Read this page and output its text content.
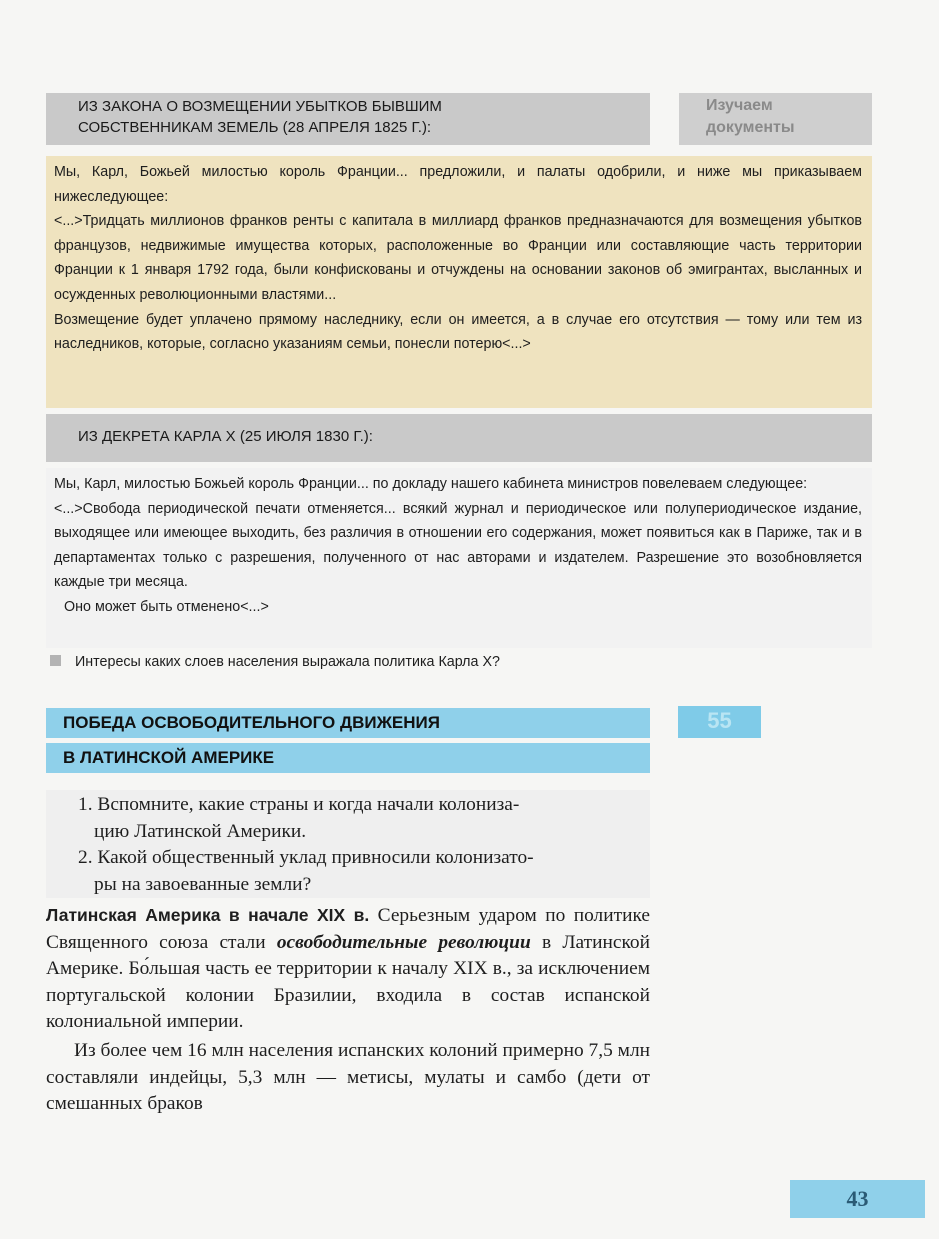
ИЗ ЗАКОНА О ВОЗМЕЩЕНИИ УБЫТКОВ БЫВШИМ
СОБСТВЕННИКАМ ЗЕМЕЛЬ (28 АПРЕЛЯ 1825 Г.):
Изучаем
документы

Мы, Карл, Божьей милостью король Франции... предложили, и палаты одобрили, и ниже мы приказываем нижеследующее:

<...>Тридцать миллионов франков ренты с капитала в миллиард франков предназначаются для возмещения убытков французов, недвижимые имущества которых, расположенные во Франции или составляющие часть территории Франции к 1 января 1792 года, были конфискованы и отчуждены на основании законов об эмигрантах, высланных и осужденных революционными властями...

Возмещение будет уплачено прямому наследнику, если он имеется, а в случае его отсутствия — тому или тем из наследников, которые, согласно указаниям семьи, понесли потерю<...>

ИЗ ДЕКРЕТА КАРЛА X (25 ИЮЛЯ 1830 Г.):

Мы, Карл, милостью Божьей король Франции... по докладу нашего кабинета министров повелеваем следующее:

<...>Свобода периодической печати отменяется... всякий журнал и периодическое или полупериодическое издание, выходящее или имеющее выходить, без различия в отношении его содержания, может появиться как в Париже, так и в департаментах только с разрешения, полученного от нас авторами и издателем. Разрешение это возобновляется каждые три месяца.

Оно может быть отменено<...>

Интересы каких слоев населения выражала политика Карла X?
ПОБЕДА ОСВОБОДИТЕЛЬНОГО ДВИЖЕНИЯ
В ЛАТИНСКОЙ АМЕРИКЕ
55

1. Вспомните, какие страны и когда начали колониза-

цию Латинской Америки.

2. Какой общественный уклад привносили колонизато-

ры на завоеванные земли?

Латинская Америка в начале XIX в. Серьезным ударом по политике Священного союза стали освободительные революции в Латинской Америке. Бо́льшая часть ее территории к началу XIX в., за исключением португальской колонии Бразилии, входила в состав испанской колониальной империи.

Из более чем 16 млн населения испанских колоний примерно 7,5 млн составляли индейцы, 5,3 млн — метисы, мулаты и самбо (дети от смешанных браков

43
